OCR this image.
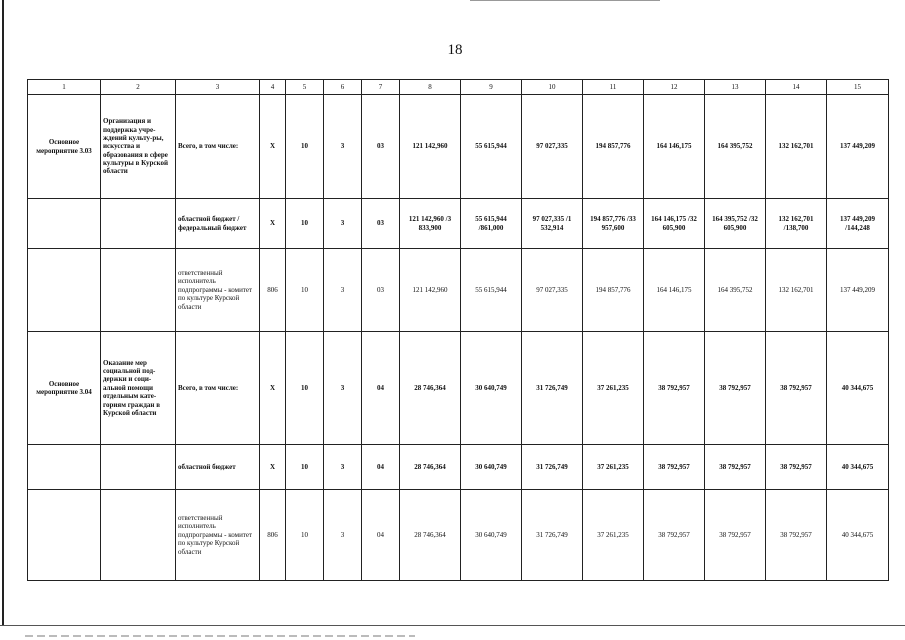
18
1	2	3	4	5	6	7	8	9	10	11	12	13	14	15
Основное мероприятие 3.03	Организация и поддержка учре-ждений культу-ры, искусства и образования в сфере культуры в Курской области	Всего, в том числе:	Х	10	3	03	121 142,960	55 615,944	97 027,335	194 857,776	164 146,175	164 395,752	132 162,701	137 449,209
		областной бюджет /федеральный бюджет	Х	10	3	03	121 142,960 /3 833,900	55 615,944 /861,000	97 027,335 /1 532,914	194 857,776 /33 957,600	164 146,175 /32 605,900	164 395,752 /32 605,900	132 162,701 /138,700	137 449,209 /144,248
		ответственный исполнитель подпрограммы - комитет по культуре Курской области	806	10	3	03	121 142,960	55 615,944	97 027,335	194 857,776	164 146,175	164 395,752	132 162,701	137 449,209
Основное мероприятие 3.04	Оказание мер социальной под-держки и соци-альной помощи отдельным кате-гориям граждан в Курской области	Всего, в том числе:	Х	10	3	04	28 746,364	30 640,749	31 726,749	37 261,235	38 792,957	38 792,957	38 792,957	40 344,675
		областной бюджет	Х	10	3	04	28 746,364	30 640,749	31 726,749	37 261,235	38 792,957	38 792,957	38 792,957	40 344,675
		ответственный исполнитель подпрограммы - комитет по культуре Курской области	806	10	3	04	28 746,364	30 640,749	31 726,749	37 261,235	38 792,957	38 792,957	38 792,957	40 344,675
